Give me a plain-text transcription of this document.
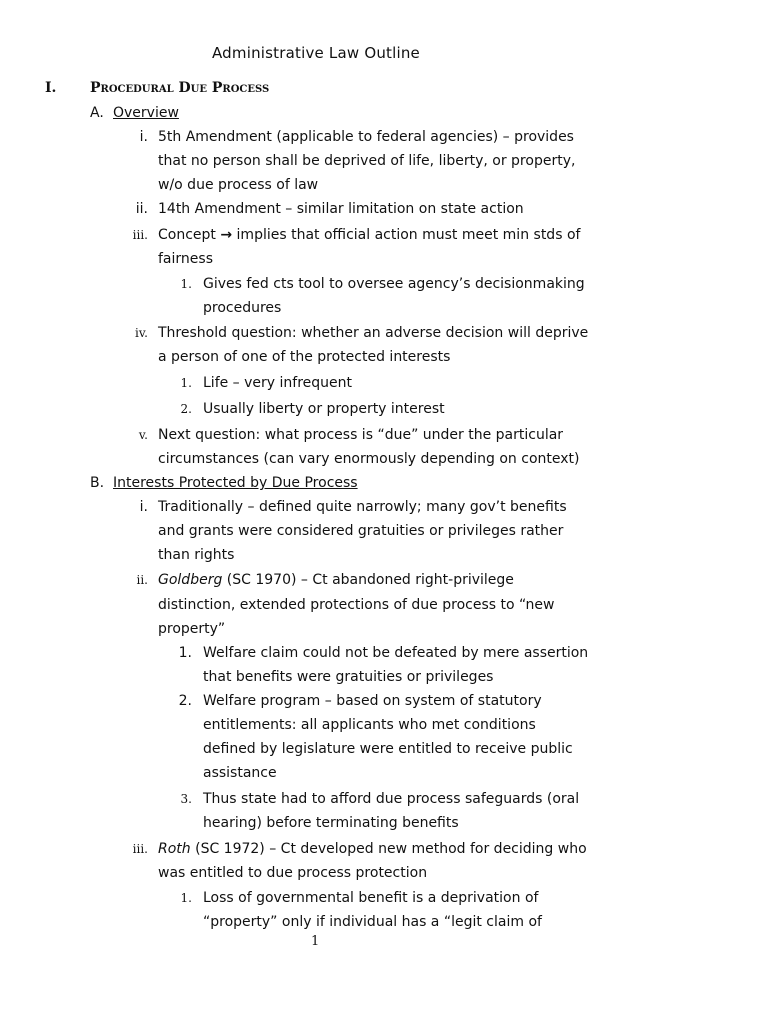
Administrative Law Outline
I. Procedural Due Process
A. Overview
i. 5th Amendment (applicable to federal agencies) – provides
that no person shall be deprived of life, liberty, or property,
w/o due process of law
ii. 14th Amendment – similar limitation on state action
iii. Concept → implies that official action must meet min stds of
fairness
1. Gives fed cts tool to oversee agency’s decisionmaking
procedures
iv. Threshold question: whether an adverse decision will deprive
a person of one of the protected interests
1. Life – very infrequent
2. Usually liberty or property interest
v. Next question: what process is “due” under the particular
circumstances (can vary enormously depending on context)
B. Interests Protected by Due Process
i. Traditionally – defined quite narrowly; many gov’t benefits
and grants were considered gratuities or privileges rather
than rights
ii. Goldberg (SC 1970) – Ct abandoned right-privilege
distinction, extended protections of due process to “new
property”
1. Welfare claim could not be defeated by mere assertion
that benefits were gratuities or privileges
2. Welfare program – based on system of statutory
entitlements: all applicants who met conditions
defined by legislature were entitled to receive public
assistance
3. Thus state had to afford due process safeguards (oral
hearing) before terminating benefits
iii. Roth (SC 1972) – Ct developed new method for deciding who
was entitled to due process protection
1. Loss of governmental benefit is a deprivation of
“property” only if individual has a “legit claim of
1
